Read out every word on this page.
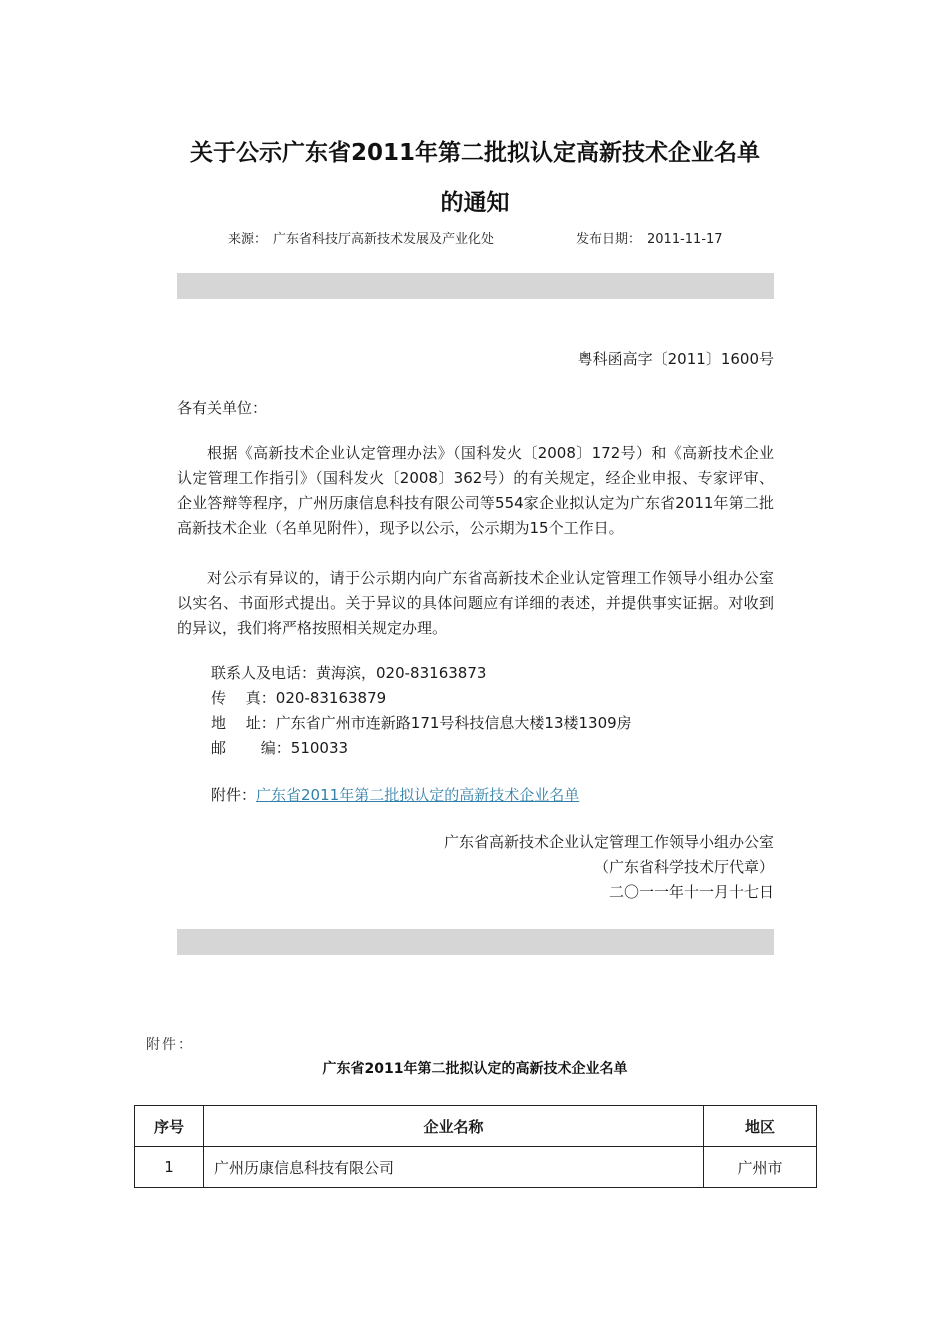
关于公示广东省2011年第二批拟认定高新技术企业名单
的通知
来源： 广东省科技厅高新技术发展及产业化处	发布日期： 2011-11-17

粤科函高字〔2011〕1600号

各有关单位：

根据《高新技术企业认定管理办法》（国科发火〔2008〕172号）和《高新技术企业认定管理工作指引》（国科发火〔2008〕362号）的有关规定，经企业申报、专家评审、企业答辩等程序，广州历康信息科技有限公司等554家企业拟认定为广东省2011年第二批高新技术企业（名单见附件），现予以公示，公示期为15个工作日。

对公示有异议的，请于公示期内向广东省高新技术企业认定管理工作领导小组办公室以实名、书面形式提出。关于异议的具体问题应有详细的表述，并提供事实证据。对收到的异议，我们将严格按照相关规定办理。

联系人及电话：黄海滨，020-83163873

传　 真：020-83163879

地　 址：广东省广州市连新路171号科技信息大楼13楼1309房

邮　　 编：510033

附件：广东省2011年第二批拟认定的高新技术企业名单

广东省高新技术企业认定管理工作领导小组办公室

（广东省科学技术厅代章）

二〇一一年十一月十七日

附件：
广东省2011年第二批拟认定的高新技术企业名单
序号	企业名称	地区
1	广州历康信息科技有限公司	广州市
